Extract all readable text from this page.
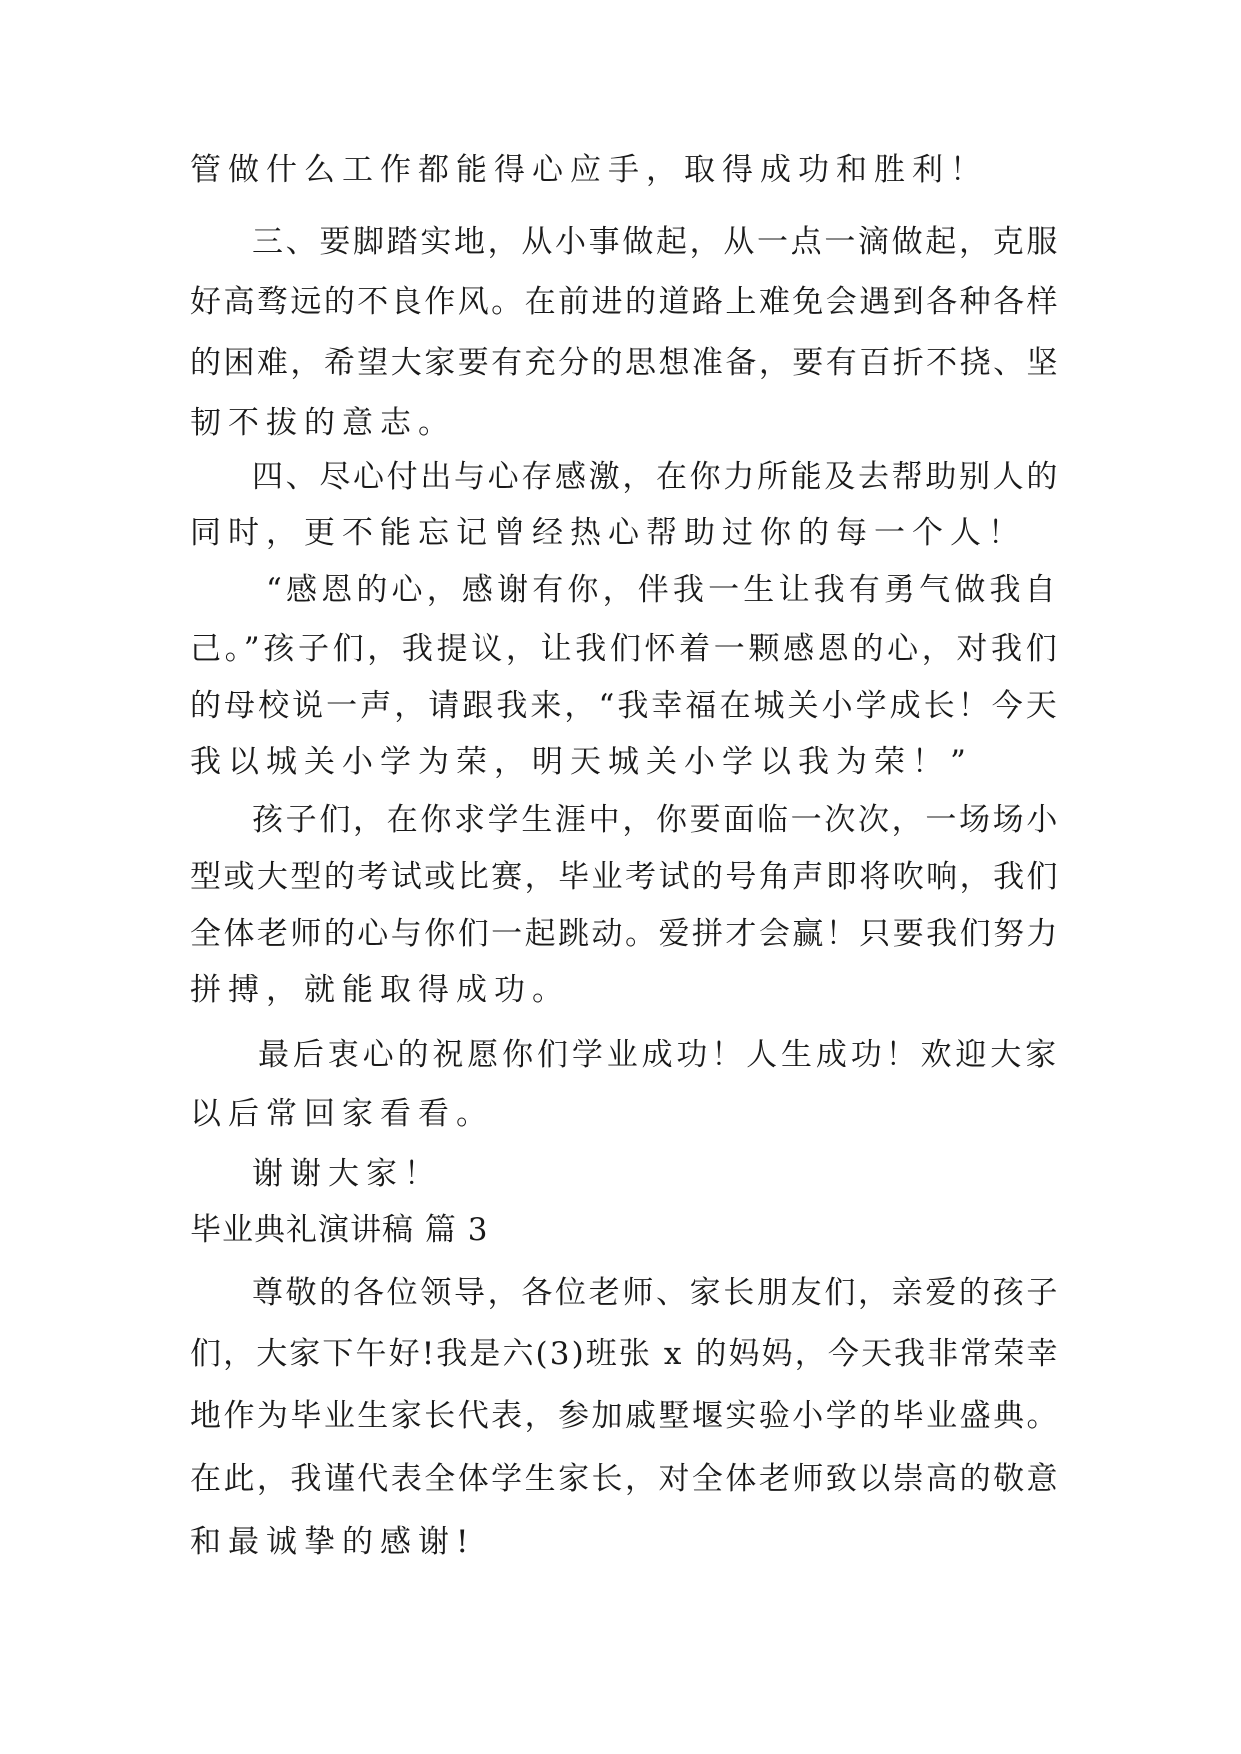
管做什么工作都能得心应手，取得成功和胜利！
三、要脚踏实地，从小事做起，从一点一滴做起，克服
好高骛远的不良作风。在前进的道路上难免会遇到各种各样
的困难，希望大家要有充分的思想准备，要有百折不挠、坚
韧不拔的意志。
四、尽心付出与心存感激，在你力所能及去帮助别人的
同时，更不能忘记曾经热心帮助过你的每一个人！
“感恩的心，感谢有你，伴我一生让我有勇气做我自
己。”孩子们，我提议，让我们怀着一颗感恩的心，对我们
的母校说一声，请跟我来，“我幸福在城关小学成长！今天
我以城关小学为荣，明天城关小学以我为荣！”
孩子们，在你求学生涯中，你要面临一次次，一场场小
型或大型的考试或比赛，毕业考试的号角声即将吹响，我们
全体老师的心与你们一起跳动。爱拼才会赢！只要我们努力
拼搏，就能取得成功。
最后衷心的祝愿你们学业成功！人生成功！欢迎大家
以后常回家看看。
谢谢大家！
毕业典礼演讲稿 篇 3
尊敬的各位领导，各位老师、家长朋友们，亲爱的孩子
们，大家下午好!我是六(3)班张 x 的妈妈，今天我非常荣幸
地作为毕业生家长代表，参加戚墅堰实验小学的毕业盛典。
在此，我谨代表全体学生家长，对全体老师致以崇高的敬意
和最诚挚的感谢!
